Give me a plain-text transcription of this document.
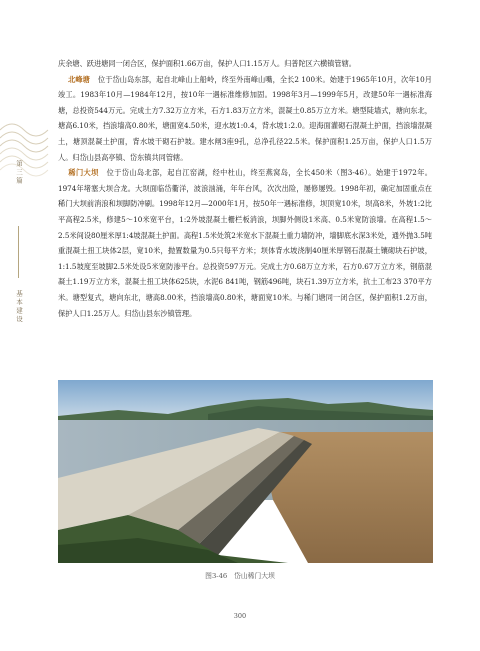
第三篇
基本建设

庆余塘、跃进塘同一闭合区，保护面积1.66万亩，保护人口1.15万人。归普陀区六横镇管辖。

北峰塘 位于岱山岛东部，起自北峰山上船岭，终至外南峰山嘴，全长2 100米。始建于1965年10月，次年10月竣工。1983年10月—1984年12月，按10年一遇标准维修加固。1998年3月—1999年5月，改建50年一遇标准海塘，总投资544万元。完成土方7.32万立方米，石方1.83万立方米，混凝土0.85万立方米。塘型陡墙式，塘向东北，塘高6.10米，挡浪墙高0.80米，塘面宽4.50米，迎水坡1:0.4，背水坡1:2.0。迎海面灌砌石混凝土护面，挡浪墙混凝土，塘顶混凝土护面，背水坡干砌石护坡。建水闸3座9孔，总净孔径22.5米。保护面积1.25万亩，保护人口1.5万人。归岱山县高亭镇、岱东镇共同管辖。

稀门大坝 位于岱山岛北部，起自江窑湖，经中杜山，终至燕窝岛，全长450米（图3-46）。始建于1972年。1974年堵塞大坝合龙。大坝面临岱衢洋，波浪汹涌，年年台风，次次出险，屡修屡毁。1998年初，确定加固重点在稀门大坝前消浪和坝脚防冲刷。1998年12月—2000年1月，按50年一遇标准修，坝顶宽10米，坝高8米，外坡1:2比平高程2.5米，修建5～10米宽平台，1:2外坡混凝土栅栏板消浪，坝脚外侧设1米高、0.5米宽防浪墙。在高程1.5～2.5米间设80厘米厚1:4坡混凝土护面。高程1.5米处筑2米宽水下混凝土重力墙防冲，墙脚底水深3米处，通外抛3.5吨重混凝土扭工块体2层，宽10米，抛置数量为0.5只每平方米；坝体背水坡浇制40厘米厚钢石混凝土镶砌块石护坡，1:1.5坡度至坡脚2.5米处设5米宽防渗平台。总投资597万元。完成土方0.68万立方米，石方0.67万立方米，钢筋混凝土1.19万立方米，混凝土扭工块体625块，水泥6 841吨，钢筋496吨，块石1.39万立方米，抗土工布23 370平方米。塘型复式，塘向东北，塘高8.00米，挡浪墙高0.80米，塘面宽10米。与稀门塘同一闭合区，保护面积1.2万亩，保护人口1.25万人。归岱山县东沙镇管理。

图3-46　岱山稀门大坝
300
